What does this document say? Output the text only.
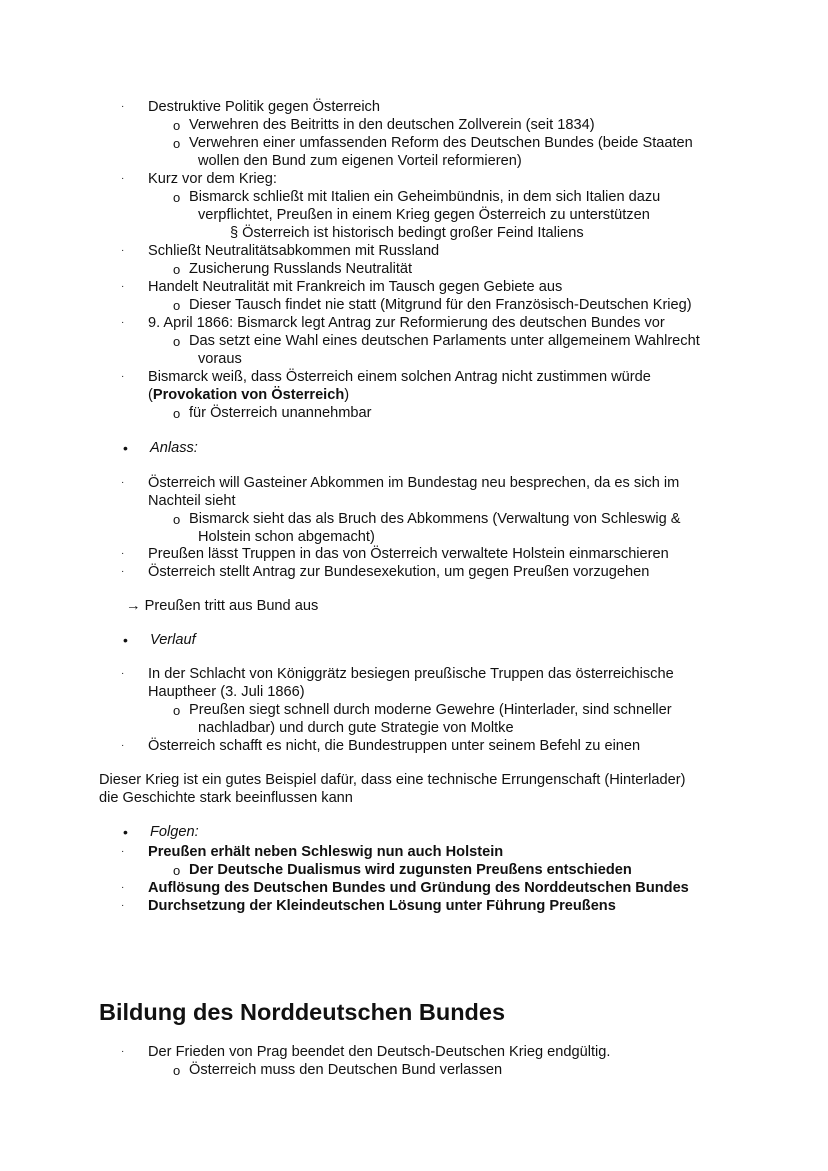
· Destruktive Politik gegen Österreich
o Verwehren des Beitritts in den deutschen Zollverein (seit 1834)
o Verwehren einer umfassenden Reform des Deutschen Bundes (beide Staaten
wollen den Bund zum eigenen Vorteil reformieren)
· Kurz vor dem Krieg:
o Bismarck schließt mit Italien ein Geheimbündnis, in dem sich Italien dazu
verpflichtet, Preußen in einem Krieg gegen Österreich zu unterstützen
§ Österreich ist historisch bedingt großer Feind Italiens
· Schließt Neutralitätsabkommen mit Russland
o Zusicherung Russlands Neutralität
· Handelt Neutralität mit Frankreich im Tausch gegen Gebiete aus
o Dieser Tausch findet nie statt (Mitgrund für den Französisch-Deutschen Krieg)
· 9. April 1866: Bismarck legt Antrag zur Reformierung des deutschen Bundes vor
o Das setzt eine Wahl eines deutschen Parlaments unter allgemeinem Wahlrecht
voraus
· Bismarck weiß, dass Österreich einem solchen Antrag nicht zustimmen würde
(Provokation von Österreich)
o für Österreich unannehmbar
• Anlass:
· Österreich will Gasteiner Abkommen im Bundestag neu besprechen, da es sich im
Nachteil sieht
o Bismarck sieht das als Bruch des Abkommens (Verwaltung von Schleswig &
Holstein schon abgemacht)
· Preußen lässt Truppen in das von Österreich verwaltete Holstein einmarschieren
· Österreich stellt Antrag zur Bundesexekution, um gegen Preußen vorzugehen
→ Preußen tritt aus Bund aus
• Verlauf
· In der Schlacht von Königgrätz besiegen preußische Truppen das österreichische
Hauptheer (3. Juli 1866)
o Preußen siegt schnell durch moderne Gewehre (Hinterlader, sind schneller
nachladbar) und durch gute Strategie von Moltke
· Österreich schafft es nicht, die Bundestruppen unter seinem Befehl zu einen
Dieser Krieg ist ein gutes Beispiel dafür, dass eine technische Errungenschaft (Hinterlader)
die Geschichte stark beeinflussen kann
• Folgen:
· Preußen erhält neben Schleswig nun auch Holstein
o Der Deutsche Dualismus wird zugunsten Preußens entschieden
· Auflösung des Deutschen Bundes und Gründung des Norddeutschen Bundes
· Durchsetzung der Kleindeutschen Lösung unter Führung Preußens
Bildung des Norddeutschen Bundes
· Der Frieden von Prag beendet den Deutsch-Deutschen Krieg endgültig.
o Österreich muss den Deutschen Bund verlassen
